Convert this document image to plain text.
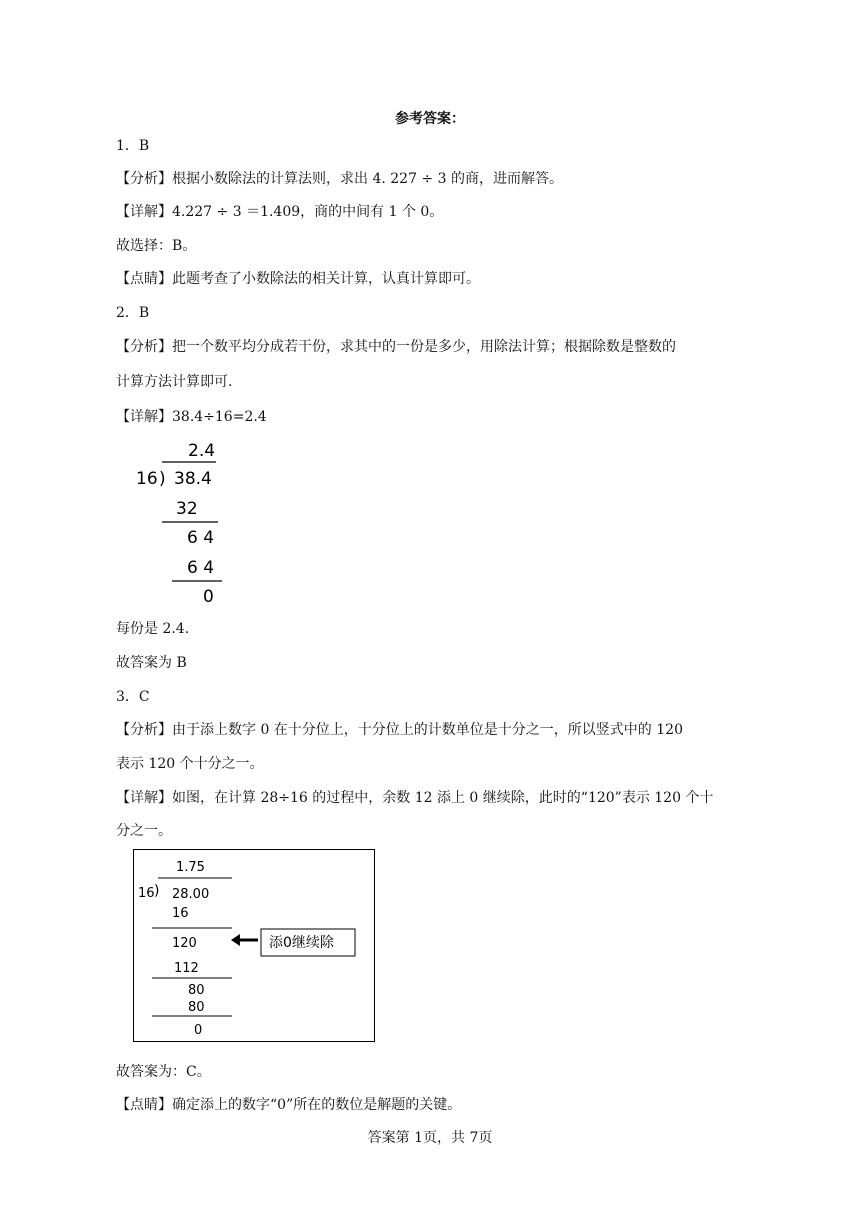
参考答案：
1．B
【分析】根据小数除法的计算法则，求出 4. 227 ÷ 3 的商，进而解答。
【详解】4.227 ÷ 3 ＝1.409，商的中间有 1 个 0。
故选择：B。
【点睛】此题考查了小数除法的相关计算，认真计算即可。
2．B
【分析】把一个数平均分成若干份，求其中的一份是多少，用除法计算；根据除数是整数的
计算方法计算即可.
【详解】38.4÷16=2.4
2.4
16 ) 38.4
32
6 4
6 4
0
每份是 2.4.
故答案为 B
3．C
【分析】由于添上数字 0 在十分位上，十分位上的计数单位是十分之一，所以竖式中的 120
表示 120 个十分之一。
【详解】如图，在计算 28÷16 的过程中，余数 12 添上 0 继续除，此时的“120”表示 120 个十
分之一。
1.75
16 ) 28.00
16
120
112
80
80
0
添0继续除
故答案为：C。
【点睛】确定添上的数字“0”所在的数位是解题的关键。
答案第 1页，共 7页
